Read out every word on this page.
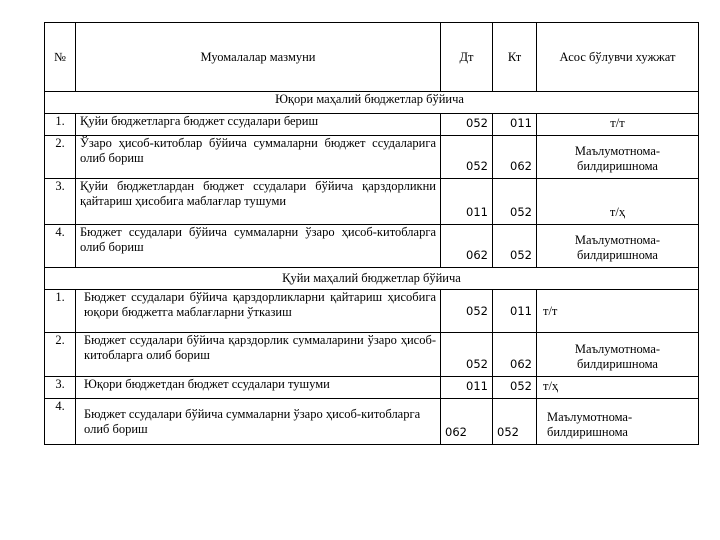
№	Муомалалар мазмуни	Дт	Кт	Асос бўлувчи хужжат
Юқори маҳалий бюджетлар бўйича				
1.	Қуйи бюджетларга бюджет ссудалари бериш	052	011	т/т
2.	Ўзаро ҳисоб-китоблар бўйича суммаларни бюджет ссудаларига олиб бориш	052	062	Маълумотнома-билдиришнома
3.	Қуйи бюджетлардан бюджет ссудалари бўйича қарздорликни қайтариш ҳисобига маблағлар тушуми	011	052	т/ҳ
4.	Бюджет ссудалари бўйича суммаларни ўзаро ҳисоб-китобларга олиб бориш	062	052	Маълумотнома-билдиришнома
Қуйи маҳалий бюджетлар бўйича				
1.	Бюджет ссудалари бўйича қарздорликларни қайтариш ҳисобига юқори бюджетга маблағларни ўтказиш	052	011	т/т
2.	Бюджет ссудалари бўйича қарздорлик суммаларини ўзаро ҳисоб-китобларга олиб бориш	052	062	Маълумотнома-билдиришнома
3.	Юқори бюджетдан бюджет ссудалари тушуми	011	052	т/ҳ
4.	Бюджет ссудалари бўйича суммаларни ўзаро ҳисоб-китобларга олиб бориш	062	052	Маълумотнома-билдиришнома
